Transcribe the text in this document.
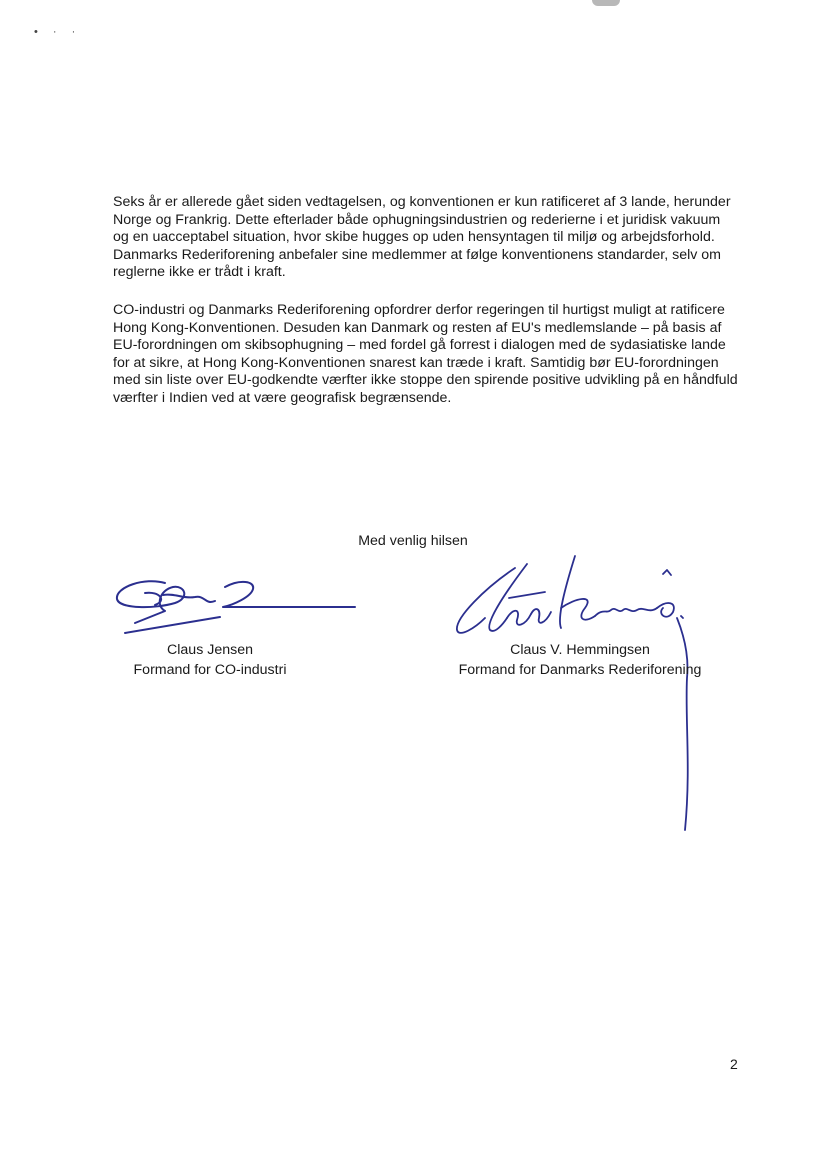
• · ·

Seks år er allerede gået siden vedtagelsen, og konventionen er kun ratificeret af 3 lande, herunder Norge og Frankrig. Dette efterlader både ophugningsindustrien og rederierne i et juridisk vakuum og en uacceptabel situation, hvor skibe hugges op uden hensyntagen til miljø og arbejdsforhold. Danmarks Rederiforening anbefaler sine medlemmer at følge konventionens standarder, selv om reglerne ikke er trådt i kraft.

CO-industri og Danmarks Rederiforening opfordrer derfor regeringen til hurtigst muligt at ratificere Hong Kong-Konventionen. Desuden kan Danmark og resten af EU's medlemslande – på basis af EU-forordningen om skibsophugning – med fordel gå forrest i dialogen med de sydasiatiske lande for at sikre, at Hong Kong-Konventionen snarest kan træde i kraft. Samtidig bør EU-forordningen med sin liste over EU-godkendte værfter ikke stoppe den spirende positive udvikling på en håndfuld værfter i Indien ved at være geografisk begrænsende.

Med venlig hilsen
Claus Jensen
Formand for CO-industri
Claus V. Hemmingsen
Formand for Danmarks Rederiforening
2
